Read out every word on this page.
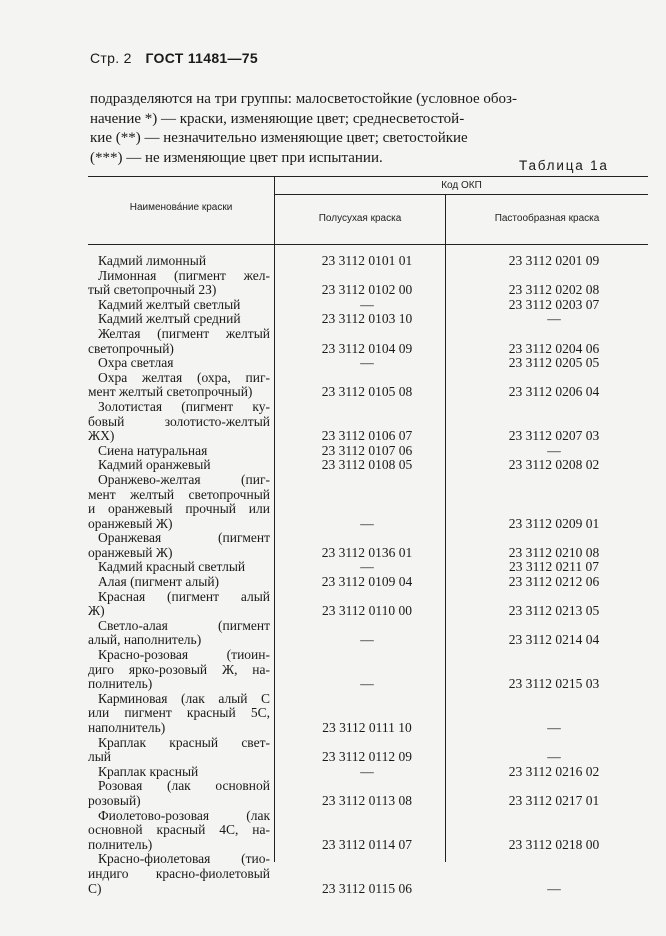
Стр. 2 ГОСТ 11481—75

подразделяются на три группы: малосветостойкие (условное обоз-

начение *) — краски, изменяющие цвет; среднесветостой-

кие (**) — незначительно изменяющие цвет; светостойкие

(***) — не изменяющие цвет при испытании.	Таблица 1а
Наименова́ние краски
Код ОКП
Полусухая краска	Пастообразная краска
Кадмий лимонный	23 3112 0101 01	23 3112 0201 09
Лимонная (пигмент жел-
тый светопрочный 2З)	23 3112 0102 00	23 3112 0202 08
Кадмий желтый светлый	—	23 3112 0203 07
Кадмий желтый средний	23 3112 0103 10	—
Желтая (пигмент желтый
светопрочный)	23 3112 0104 09	23 3112 0204 06
Охра светлая	—	23 3112 0205 05
Охра желтая (охра, пиг-
мент желтый светопрочный)	23 3112 0105 08	23 3112 0206 04
Золотистая (пигмент ку-
бовый золотисто-желтый
ЖХ)	23 3112 0106 07	23 3112 0207 03
Сиена натуральная	23 3112 0107 06	—
Кадмий оранжевый	23 3112 0108 05	23 3112 0208 02
Оранжево-желтая (пиг-
мент желтый светопрочный
и оранжевый прочный или
оранжевый Ж)	—	23 3112 0209 01
Оранжевая (пигмент
оранжевый Ж)	23 3112 0136 01	23 3112 0210 08
Кадмий красный светлый	—	23 3112 0211 07
Алая (пигмент алый)	23 3112 0109 04	23 3112 0212 06
Красная (пигмент алый
Ж)	23 3112 0110 00	23 3112 0213 05
Светло-алая (пигмент
алый, наполнитель)	—	23 3112 0214 04
Красно-розовая (тиоин-
диго ярко-розовый Ж, на-
полнитель)	—	23 3112 0215 03
Карминовая (лак алый С
или пигмент красный 5С,
наполнитель)	23 3112 0111 10	—
Краплак красный свет-
лый	23 3112 0112 09	—
Краплак красный	—	23 3112 0216 02
Розовая (лак основной
розовый)	23 3112 0113 08	23 3112 0217 01
Фиолетово-розовая (лак
основной красный 4С, на-
полнитель)	23 3112 0114 07	23 3112 0218 00
Красно-фиолетовая (тио-
индиго красно-фиолетовый
С)	23 3112 0115 06	—
